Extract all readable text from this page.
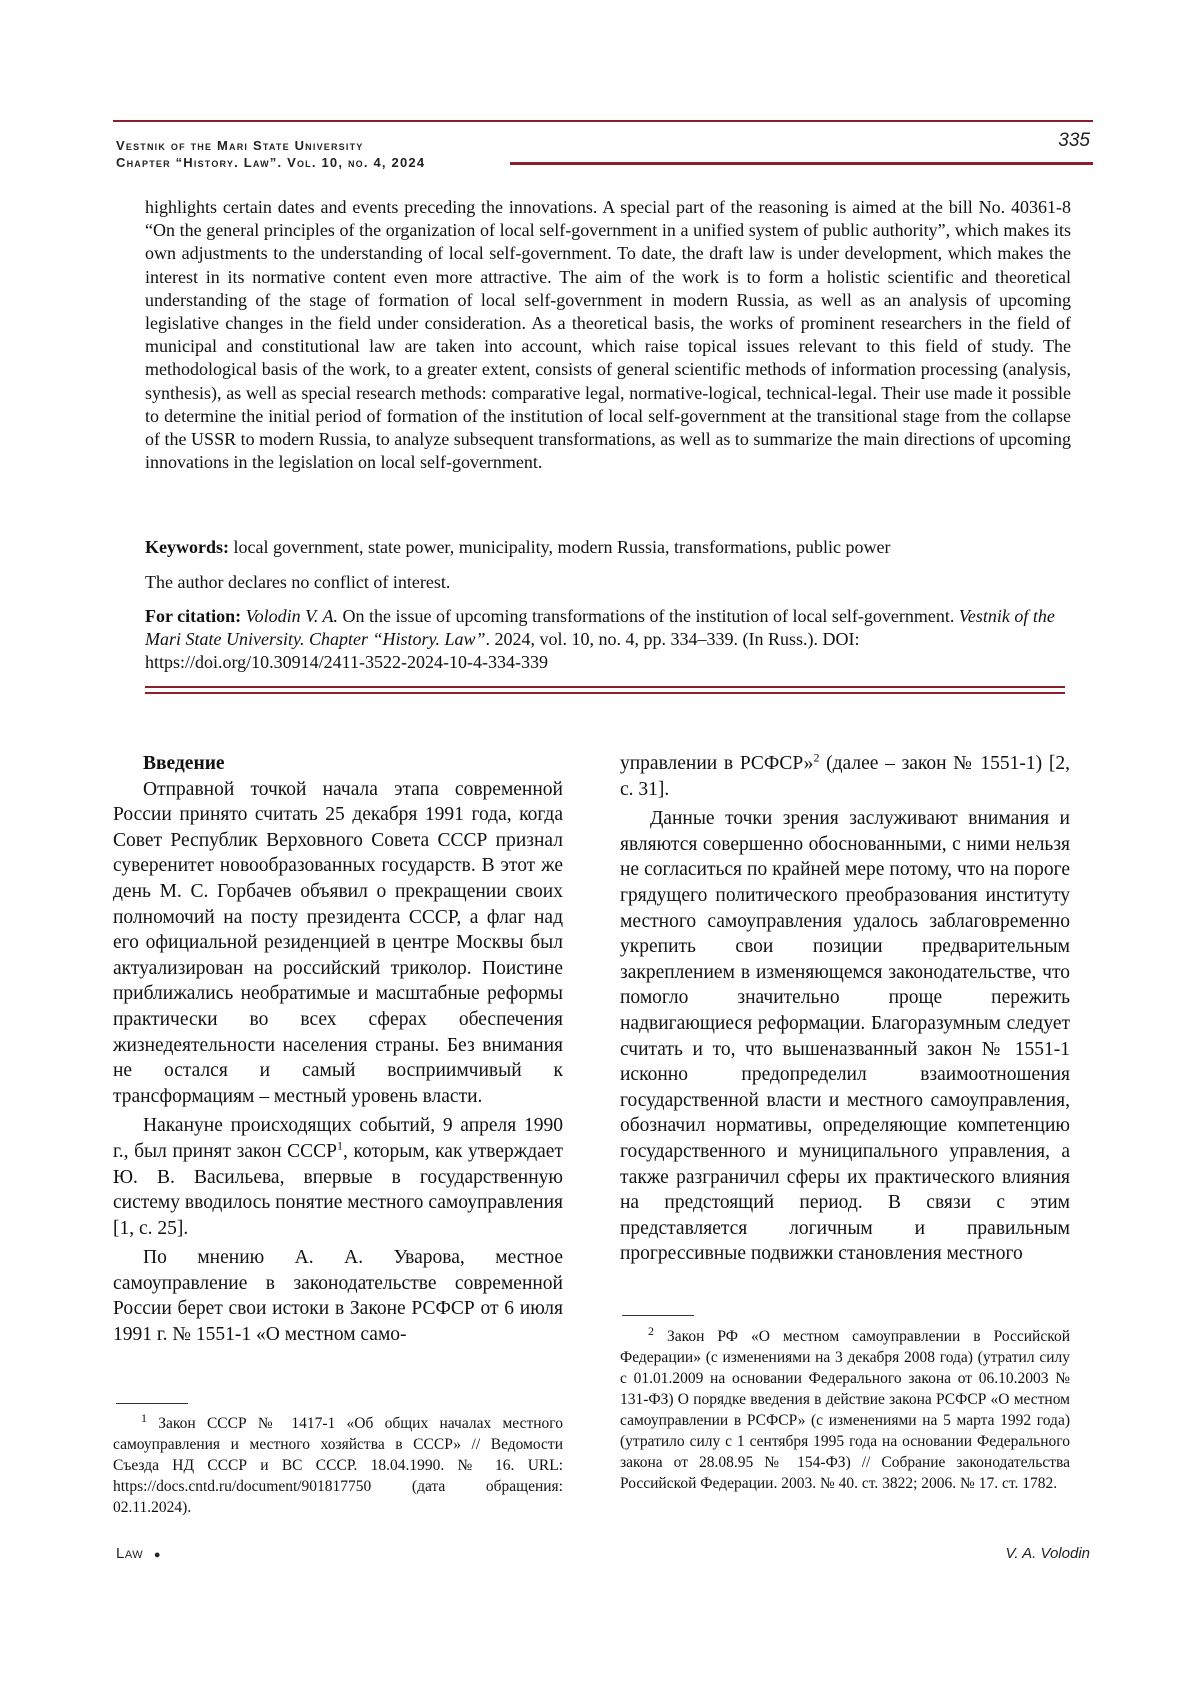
Vestnik of the Mari State University
Chapter “History. Law”. Vol. 10, no. 4, 2024
335

highlights certain dates and events preceding the innovations. A special part of the reasoning is aimed at the bill No. 40361-8 “On the general principles of the organization of local self-government in a unified system of public authority”, which makes its own adjustments to the understanding of local self-government. To date, the draft law is under development, which makes the interest in its normative content even more attractive. The aim of the work is to form a holistic scientific and theoretical understanding of the stage of formation of local self-government in modern Russia, as well as an analysis of upcoming legislative changes in the field under consideration. As a theoretical basis, the works of prominent researchers in the field of municipal and constitutional law are taken into account, which raise topical issues relevant to this field of study. The methodological basis of the work, to a greater extent, consists of general scientific methods of information processing (analysis, synthesis), as well as special research methods: comparative legal, normative-logical, technical-legal. Their use made it possible to determine the initial period of formation of the institution of local self-government at the transitional stage from the collapse of the USSR to modern Russia, to analyze subsequent transformations, as well as to summarize the main directions of upcoming innovations in the legislation on local self-government.

Keywords: local government, state power, municipality, modern Russia, transformations, public power
The author declares no conflict of interest.
For citation: Volodin V. A. On the issue of upcoming transformations of the institution of local self-government. Vestnik of the Mari State University. Chapter “History. Law”. 2024, vol. 10, no. 4, pp. 334–339. (In Russ.). DOI: https://doi.org/10.30914/2411-3522-2024-10-4-334-339
Введение

Отправной точкой начала этапа современной России принято считать 25 декабря 1991 года, когда Совет Республик Верховного Совета СССР признал суверенитет новообразованных государств. В этот же день М. С. Горбачев объявил о прекращении своих полномочий на посту президента СССР, а флаг над его официальной резиденцией в центре Москвы был актуализирован на российский триколор. Поистине приближались необратимые и масштабные реформы практически во всех сферах обеспечения жизнедеятельности населения страны. Без внимания не остался и самый восприимчивый к трансформациям – местный уровень власти.

Накануне происходящих событий, 9 апреля 1990 г., был принят закон СССР$^1$, которым, как утверждает Ю. В. Васильева, впервые в государственную систему вводилось понятие местного самоуправления [1, с. 25].

По мнению А. А. Уварова, местное самоуправление в законодательстве современной России берет свои истоки в Законе РСФСР от 6 июля 1991 г. № 1551-1 «О местном само-

управлении в РСФСР»$^2$ (далее – закон № 1551-1) [2, с. 31].

Данные точки зрения заслуживают внимания и являются совершенно обоснованными, с ними нельзя не согласиться по крайней мере потому, что на пороге грядущего политического преобразования институту местного самоуправления удалось заблаговременно укрепить свои позиции предварительным закреплением в изменяющемся законодательстве, что помогло значительно проще пережить надвигающиеся реформации. Благоразумным следует считать и то, что вышеназванный закон № 1551-1 исконно предопределил взаимоотношения государственной власти и местного самоуправления, обозначил нормативы, определяющие компетенцию государственного и муниципального управления, а также разграничил сферы их практического влияния на предстоящий период. В связи с этим представляется логичным и правильным прогрессивные подвижки становления местного

$^1$ Закон СССР № 1417-1 «Об общих началах местного самоуправления и местного хозяйства в СССР» // Ведомости Съезда НД СССР и ВС СССР. 18.04.1990. № 16. URL: https://docs.cntd.ru/document/901817750 (дата обращения: 02.11.2024).

$^2$ Закон РФ «О местном самоуправлении в Российской Федерации» (с изменениями на 3 декабря 2008 года) (утратил силу с 01.01.2009 на основании Федерального закона от 06.10.2003 № 131-ФЗ) О порядке введения в действие закона РСФСР «О местном самоуправлении в РСФСР» (с изменениями на 5 марта 1992 года) (утратило силу с 1 сентября 1995 года на основании Федерального закона от 28.08.95 № 154-ФЗ) // Собрание законодательства Российской Федерации. 2003. № 40. ст. 3822; 2006. № 17. ст. 1782.

Law ●	V. A. Volodin
